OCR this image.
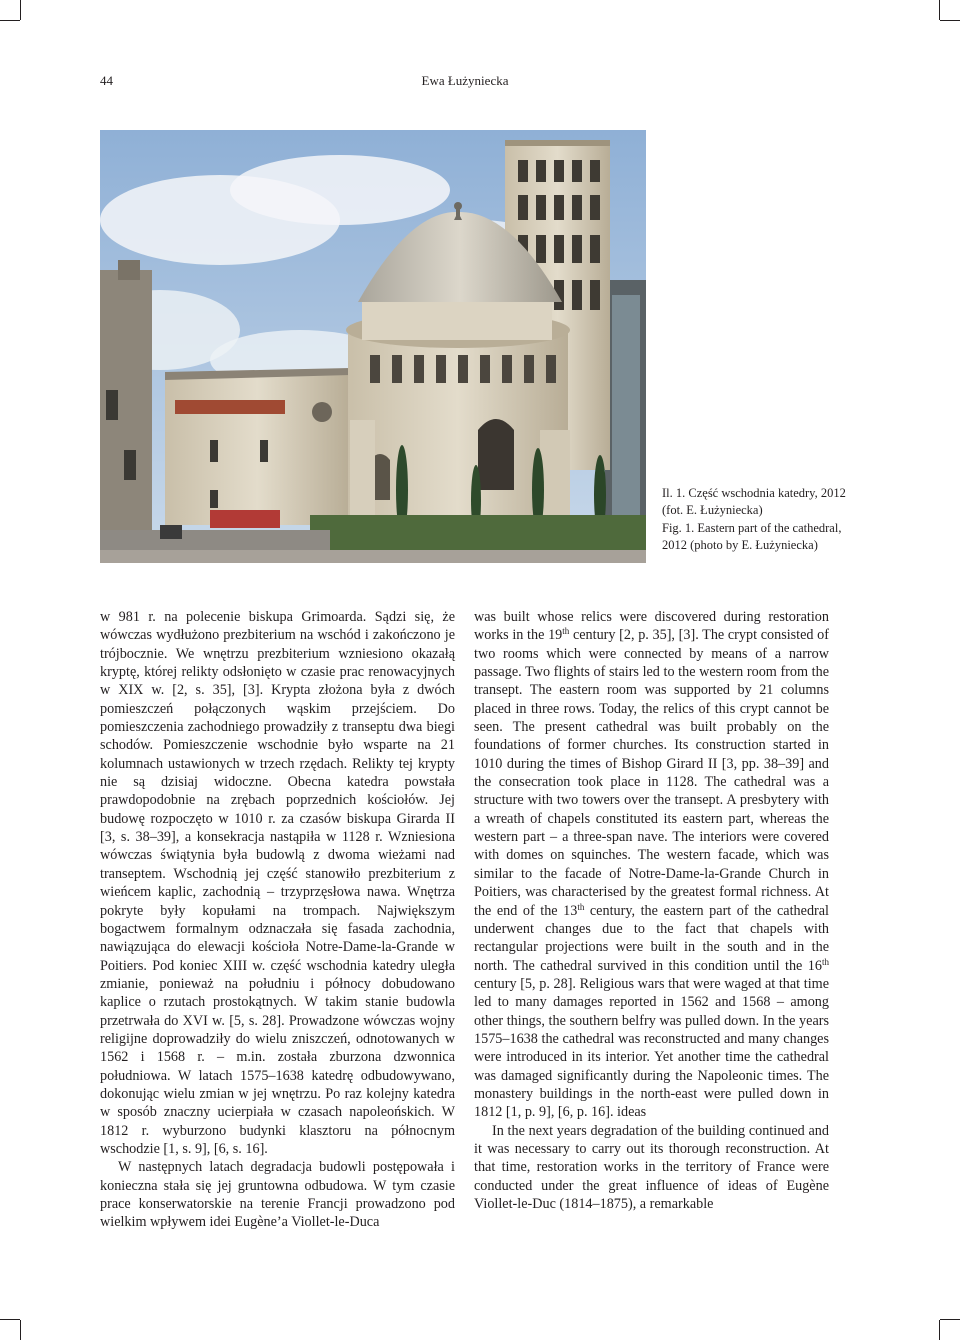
44	Ewa Łużyniecka
Il. 1. Część wschodnia katedry, 2012 (fot. E. Łużyniecka)
Fig. 1. Eastern part of the cathedral, 2012 (photo by E. Łużyniecka)

w 981 r. na polecenie biskupa Grimoarda. Sądzi się, że wówczas wydłużono prezbiterium na wschód i zakończono je trójbocznie. We wnętrzu prezbiterium wzniesiono okazałą kryptę, której relikty odsłonięto w czasie prac renowacyjnych w XIX w. [2, s. 35], [3]. Krypta złożona była z dwóch pomieszczeń połączonych wąskim przejściem. Do pomieszczenia zachodniego prowadziły z transeptu dwa biegi schodów. Pomieszczenie wschodnie było wsparte na 21 kolumnach ustawionych w trzech rzędach. Relikty tej krypty nie są dzisiaj widoczne. Obecna katedra powstała prawdopodobnie na zrębach poprzednich kościołów. Jej budowę rozpoczęto w 1010 r. za czasów biskupa Girarda II [3, s. 38–39], a konsekracja nastąpiła w 1128 r. Wzniesiona wówczas świątynia była budowlą z dwoma wieżami nad transeptem. Wschodnią jej część stanowiło prezbiterium z wieńcem kaplic, zachodnią – trzyprzęsłowa nawa. Wnętrza pokryte były kopułami na trompach. Największym bogactwem formalnym odznaczała się fasada zachodnia, nawiązująca do elewacji kościoła Notre-Dame-la-Grande w Poitiers. Pod koniec XIII w. część wschodnia katedry uległa zmianie, ponieważ na południu i północy dobudowano kaplice o rzutach prostokątnych. W takim stanie budowla przetrwała do XVI w. [5, s. 28]. Prowadzone wówczas wojny religijne doprowadziły do wielu zniszczeń, odnotowanych w 1562 i 1568 r. – m.in. została zburzona dzwonnica południowa. W latach 1575–1638 katedrę odbudowywano, dokonując wielu zmian w jej wnętrzu. Po raz kolejny katedra w sposób znaczny ucierpiała w czasach napoleońskich. W 1812 r. wyburzono budynki klasztoru na północnym wschodzie [1, s. 9], [6, s. 16].

W następnych latach degradacja budowli postępowała i konieczna stała się jej gruntowna odbudowa. W tym czasie prace konserwatorskie na terenie Francji prowadzono pod wielkim wpływem idei Eugène’a Viollet-le-Duca

was built whose relics were discovered during restoration works in the 19th century [2, p. 35], [3]. The crypt consisted of two rooms which were connected by means of a narrow passage. Two flights of stairs led to the western room from the transept. The eastern room was supported by 21 columns placed in three rows. Today, the relics of this crypt cannot be seen. The present cathedral was built probably on the foundations of former churches. Its construction started in 1010 during the times of Bishop Girard II [3, pp. 38–39] and the consecration took place in 1128. The cathedral was a structure with two towers over the transept. A presbytery with a wreath of chapels constituted its eastern part, whereas the western part – a three-span nave. The interiors were covered with domes on squinches. The western facade, which was similar to the facade of Notre-Dame-la-Grande Church in Poitiers, was characterised by the greatest formal richness. At the end of the 13th century, the eastern part of the cathedral underwent changes due to the fact that chapels with rectangular projections were built in the south and in the north. The cathedral survived in this condition until the 16th century [5, p. 28]. Religious wars that were waged at that time led to many damages reported in 1562 and 1568 – among other things, the southern belfry was pulled down. In the years 1575–1638 the cathedral was reconstructed and many changes were introduced in its interior. Yet another time the cathedral was damaged significantly during the Napoleonic times. The monastery buildings in the north-east were pulled down in 1812 [1, p. 9], [6, p. 16]. ideas

In the next years degradation of the building continued and it was necessary to carry out its thorough reconstruction. At that time, restoration works in the territory of France were conducted under the great influence of ideas of Eugène Viollet-le-Duc (1814–1875), a remarkable
